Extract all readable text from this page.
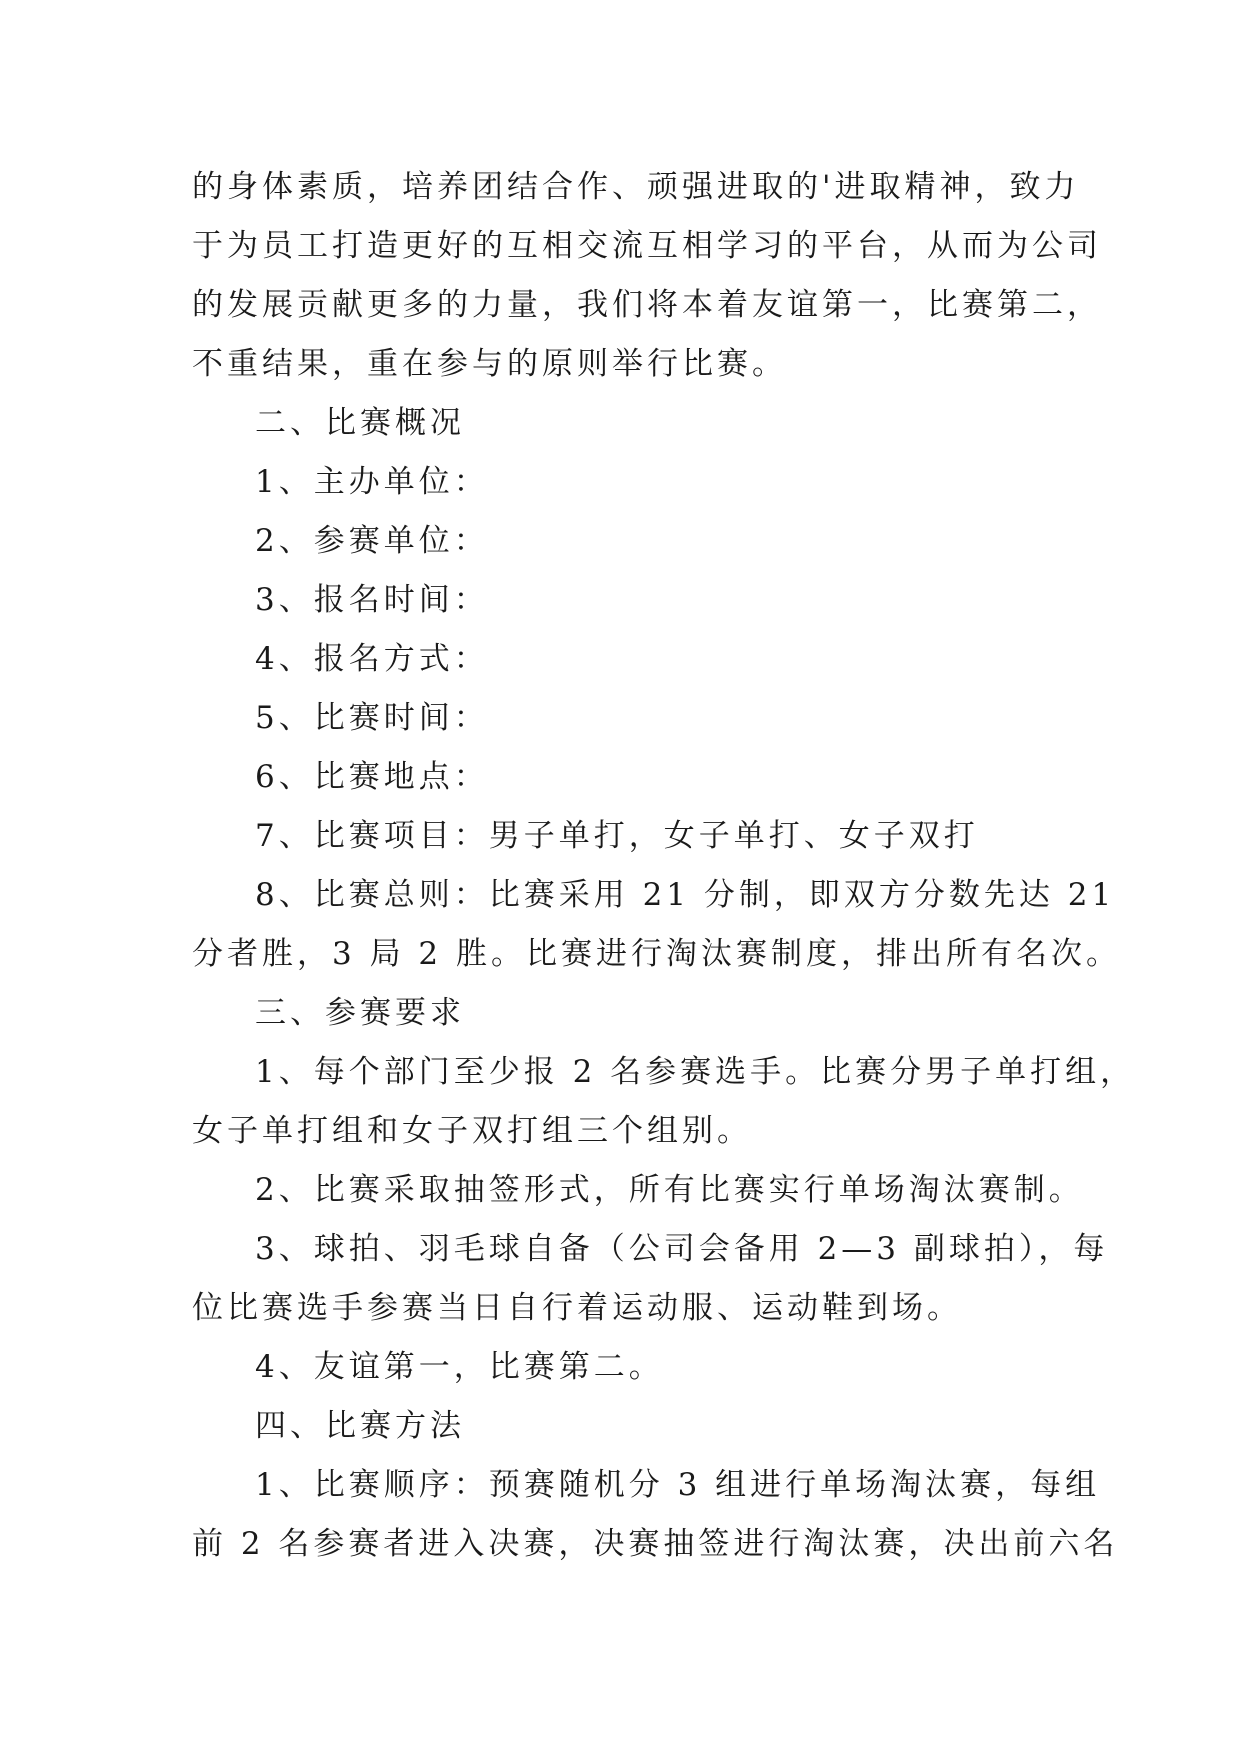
的身体素质，培养团结合作、顽强进取的'进取精神，致力
于为员工打造更好的互相交流互相学习的平台，从而为公司
的发展贡献更多的力量，我们将本着友谊第一，比赛第二，
不重结果，重在参与的原则举行比赛。
二、比赛概况
1、主办单位：
2、参赛单位：
3、报名时间：
4、报名方式：
5、比赛时间：
6、比赛地点：
7、比赛项目：男子单打，女子单打、女子双打
8、比赛总则：比赛采用 21 分制，即双方分数先达 21
分者胜，3 局 2 胜。比赛进行淘汰赛制度，排出所有名次。
三、参赛要求
1、每个部门至少报 2 名参赛选手。比赛分男子单打组，
女子单打组和女子双打组三个组别。
2、比赛采取抽签形式，所有比赛实行单场淘汰赛制。
3、球拍、羽毛球自备（公司会备用 2—3 副球拍），每
位比赛选手参赛当日自行着运动服、运动鞋到场。
4、友谊第一，比赛第二。
四、比赛方法
1、比赛顺序：预赛随机分 3 组进行单场淘汰赛，每组
前 2 名参赛者进入决赛，决赛抽签进行淘汰赛，决出前六名
